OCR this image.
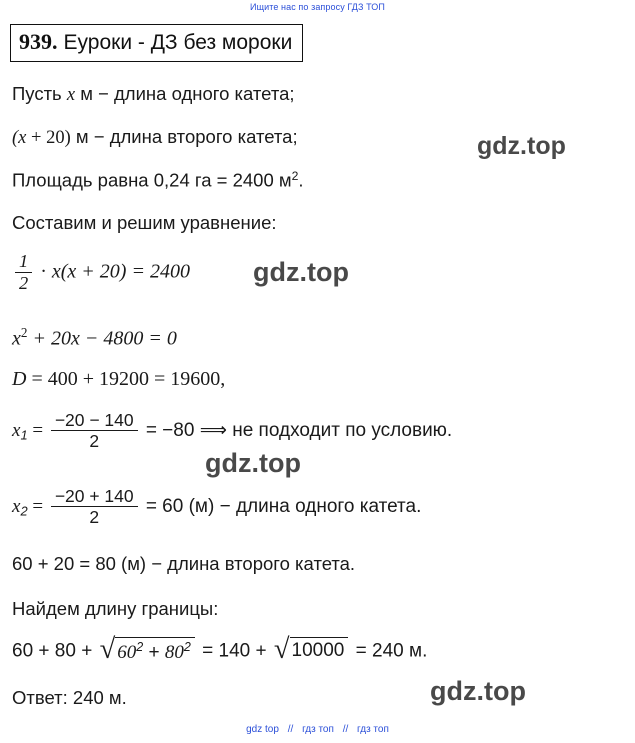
Ищите нас по запросу ГДЗ ТОП
939. Еуроки - ДЗ без мороки
Пусть x м − длина одного катета;
(x + 20) м − длина второго катета;
Площадь равна 0,24 га = 2400 $м^2$.
Составим и решим уравнение:
$\frac{1}{2} \cdot x(x + 20) = 2400$
$x^2 + 20x - 4800 = 0$
D = 400 + 19200 = 19600,
$x_1 = \frac{-20 - 140}{2} = -80$ ⟹ не подходит по условию.
$x_2 = \frac{-20 + 140}{2} = 60$ (м) − длина одного катета.
60 + 20 = 80 (м) − длина второго катета.
Найдем длину границы:
60 + 80 + √ $60^2 + 80^2 = 140$ + √ 10000 = 240 м.
Ответ: 240 м.
gdz.top
gdz.top
gdz.top
gdz.top
gdz top // гдз топ // гдз топ
